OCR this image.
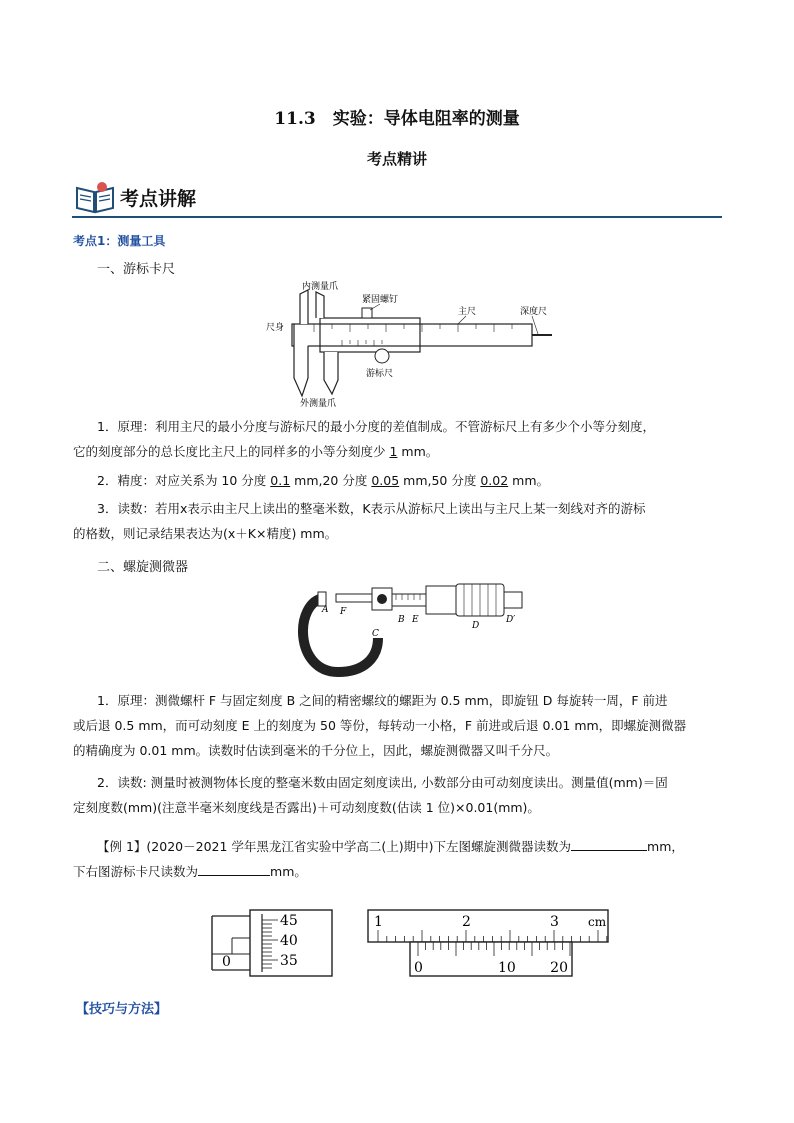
11.3　实验：导体电阻率的测量
考点精讲
考点讲解
考点1：测量工具
一、游标卡尺
内测量爪
紧固螺钉
主尺	深度尺
尺身
游标尺
外测量爪
1．原理：利用主尺的最小分度与游标尺的最小分度的差值制成。不管游标尺上有多少个小等分刻度，
它的刻度部分的总长度比主尺上的同样多的小等分刻度少 1 mm。
2．精度：对应关系为 10 分度 0.1 mm,20 分度 0.05 mm,50 分度 0.02 mm。
3．读数：若用x表示由主尺上读出的整毫米数，K表示从游标尺上读出与主尺上某一刻线对齐的游标
的格数，则记录结果表达为(x＋K×精度) mm。
二、螺旋测微器
A F
C
B E
D
D′
1．原理：测微螺杆 F 与固定刻度 B 之间的精密螺纹的螺距为 0.5 mm，即旋钮 D 每旋转一周，F 前进
或后退 0.5 mm，而可动刻度 E 上的刻度为 50 等份，每转动一小格，F 前进或后退 0.01 mm，即螺旋测微器
的精确度为 0.01 mm。读数时估读到毫米的千分位上，因此，螺旋测微器又叫千分尺。
2．读数: 测量时被测物体长度的整毫米数由固定刻度读出, 小数部分由可动刻度读出。测量值(mm)＝固
定刻度数(mm)(注意半毫米刻度线是否露出)＋可动刻度数(估读 1 位)×0.01(mm)。
【例 1】(2020－2021 学年黑龙江省实验中学高二(上)期中)下左图螺旋测微器读数为	mm，
下右图游标卡尺读数为	mm。
45
40
35
0
1	2	3 cm
0	10 20
【技巧与方法】
